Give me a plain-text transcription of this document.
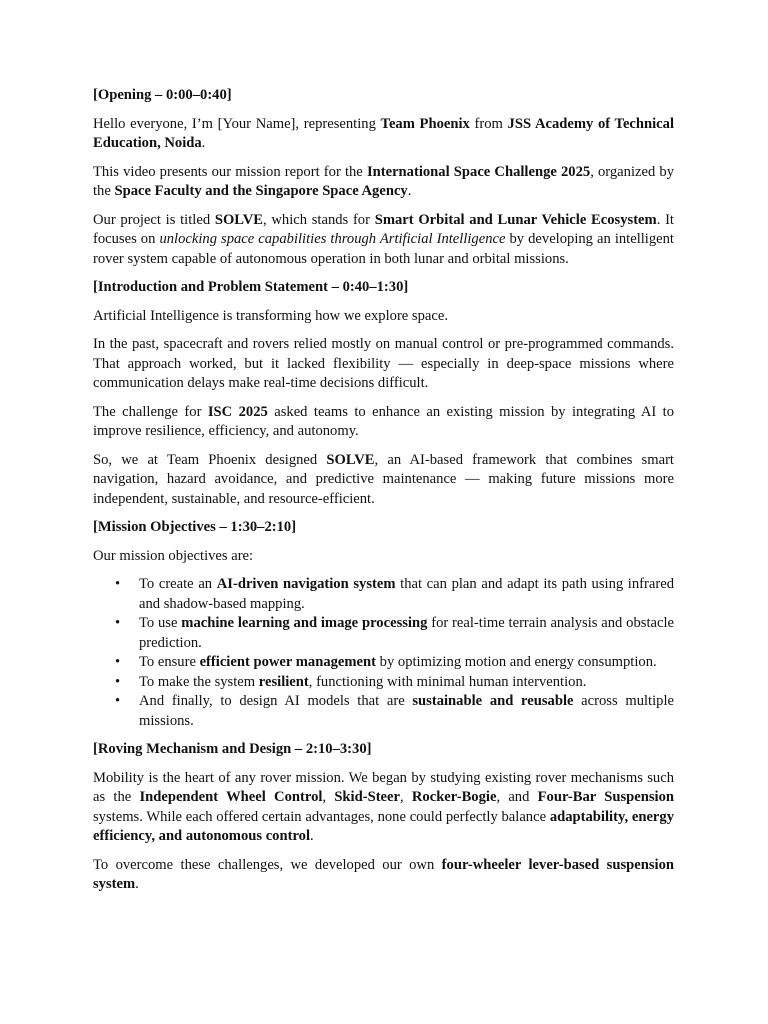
[Opening – 0:00–0:40]

Hello everyone, I’m [Your Name], representing Team Phoenix from JSS Academy of Technical Education, Noida.

This video presents our mission report for the International Space Challenge 2025, organized by the Space Faculty and the Singapore Space Agency.

Our project is titled SOLVE, which stands for Smart Orbital and Lunar Vehicle Ecosystem. It focuses on unlocking space capabilities through Artificial Intelligence by developing an intelligent rover system capable of autonomous operation in both lunar and orbital missions.

[Introduction and Problem Statement – 0:40–1:30]

Artificial Intelligence is transforming how we explore space.

In the past, spacecraft and rovers relied mostly on manual control or pre-programmed commands. That approach worked, but it lacked flexibility — especially in deep-space missions where communication delays make real-time decisions difficult.

The challenge for ISC 2025 asked teams to enhance an existing mission by integrating AI to improve resilience, efficiency, and autonomy.

So, we at Team Phoenix designed SOLVE, an AI-based framework that combines smart navigation, hazard avoidance, and predictive maintenance — making future missions more independent, sustainable, and resource-efficient.

[Mission Objectives – 1:30–2:10]

Our mission objectives are:

• To create an AI-driven navigation system that can plan and adapt its path using infrared and shadow-based mapping.
• To use machine learning and image processing for real-time terrain analysis and obstacle prediction.
• To ensure efficient power management by optimizing motion and energy consumption.
• To make the system resilient, functioning with minimal human intervention.
• And finally, to design AI models that are sustainable and reusable across multiple missions.

[Roving Mechanism and Design – 2:10–3:30]

Mobility is the heart of any rover mission. We began by studying existing rover mechanisms such as the Independent Wheel Control, Skid-Steer, Rocker-Bogie, and Four-Bar Suspension systems. While each offered certain advantages, none could perfectly balance adaptability, energy efficiency, and autonomous control.

To overcome these challenges, we developed our own four-wheeler lever-based suspension system.
